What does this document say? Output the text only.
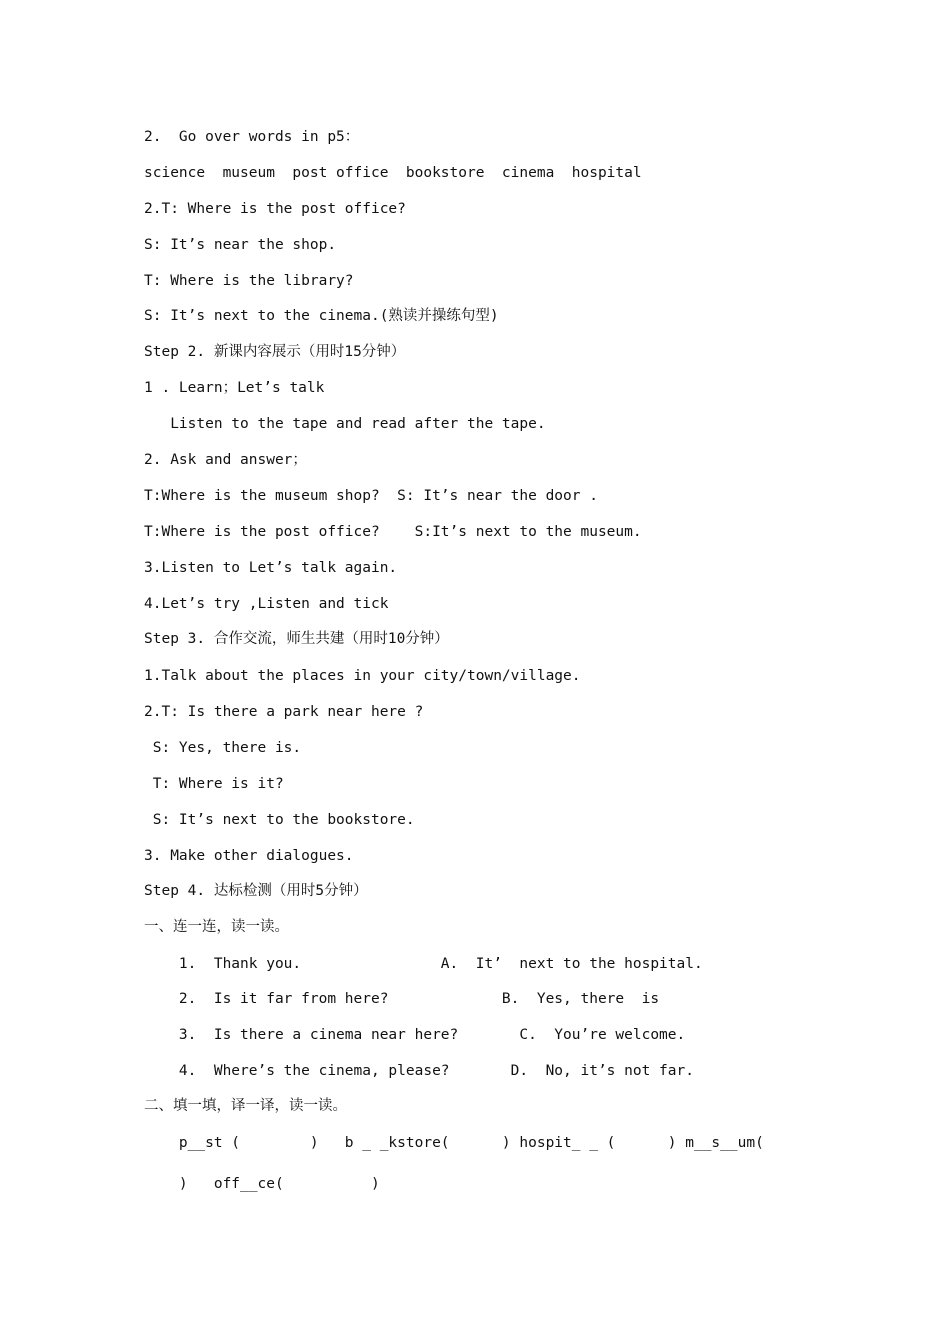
2.  Go over words in p5：
science  museum  post office  bookstore  cinema  hospital
2.T: Where is the post office?
S: It’s near the shop.
T: Where is the library?
S: It’s next to the cinema.(熟读并操练句型)
Step 2. 新课内容展示（用时15分钟）
1 . Learn；Let’s talk
Listen to the tape and read after the tape.
2. Ask and answer；
T:Where is the museum shop?  S: It’s near the door .
T:Where is the post office?    S:It’s next to the museum.
3.Listen to Let’s talk again.
4.Let’s try ,Listen and tick
Step 3. 合作交流，师生共建（用时10分钟）
1.Talk about the places in your city/town/village.
2.T: Is there a park near here ?
S: Yes, there is.
T: Where is it?
S: It’s next to the bookstore.
3. Make other dialogues.
Step 4. 达标检测（用时5分钟）
一、连一连，读一读。
1.  Thank you.                A.  It’  next to the hospital.
2.  Is it far from here?             B.  Yes, there  is
3.  Is there a cinema near here?       C.  You’re welcome.
4.  Where’s the cinema, please?       D.  No, it’s not far.
二、填一填，译一译，读一读。
p__st (        )   b _ _kstore(      ) hospit_ _ (      ) m__s__um(
)   off__ce(          )
